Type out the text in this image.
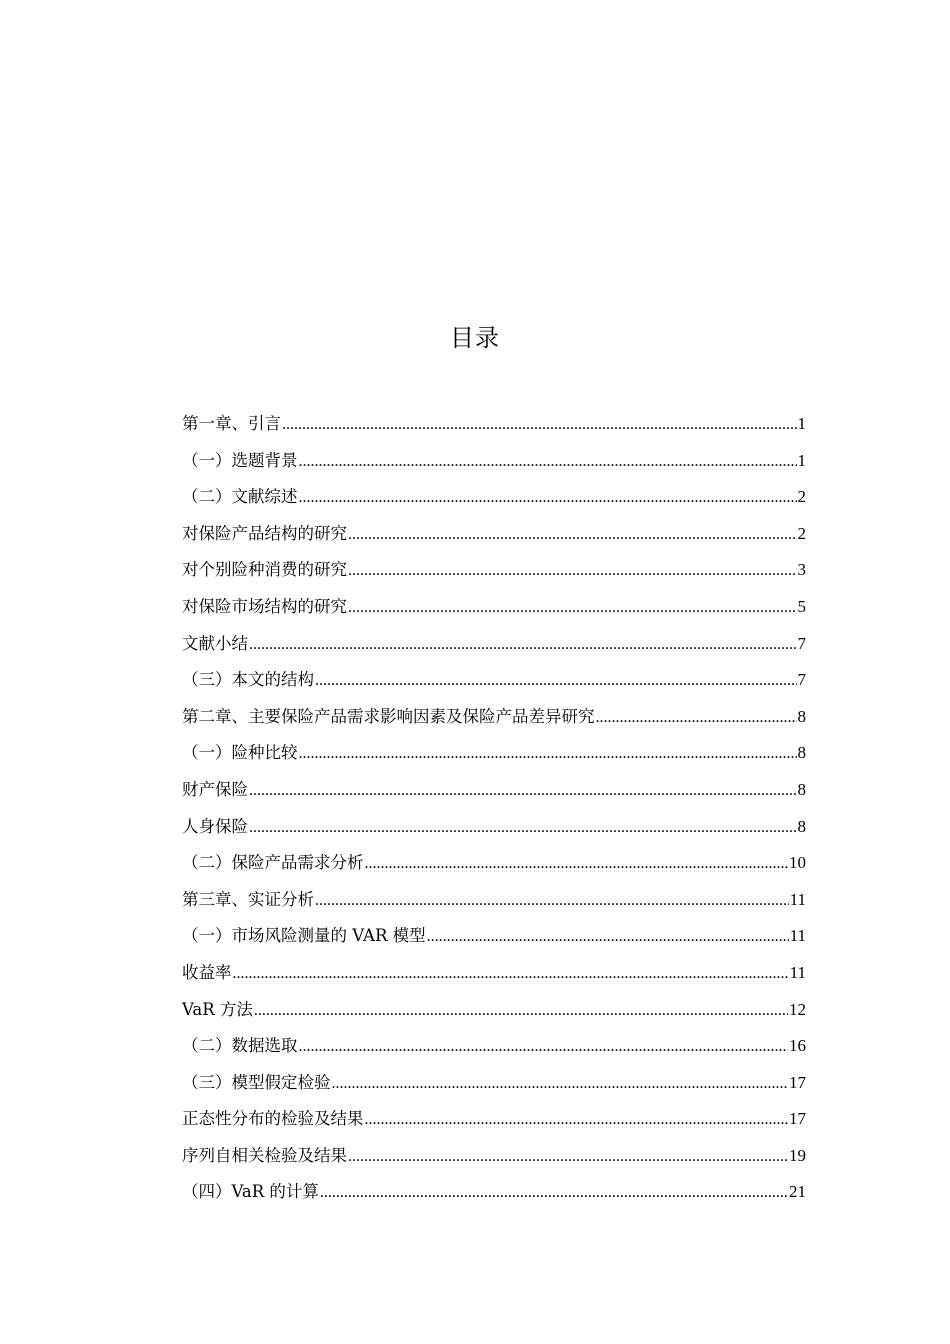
目录
第一章、引言 .....	1
（一）选题背景 .....	1
（二）文献综述 .....	2
对保险产品结构的研究 .....	2
对个别险种消费的研究 .....	3
对保险市场结构的研究 .....	5
文献小结 .....	7
（三）本文的结构 .....	7
第二章、主要保险产品需求影响因素及保险产品差异研究 .....	8
（一）险种比较 .....	8
财产保险 .....	8
人身保险 .....	8
（二）保险产品需求分析 .....	10
第三章、实证分析 .....	11
（一）市场风险测量的 VAR 模型 .....	11
收益率 .....	11
VaR 方法 .....	12
（二）数据选取 .....	16
（三）模型假定检验 .....	17
正态性分布的检验及结果 .....	17
序列自相关检验及结果 .....	19
（四）VaR 的计算 .....	21
